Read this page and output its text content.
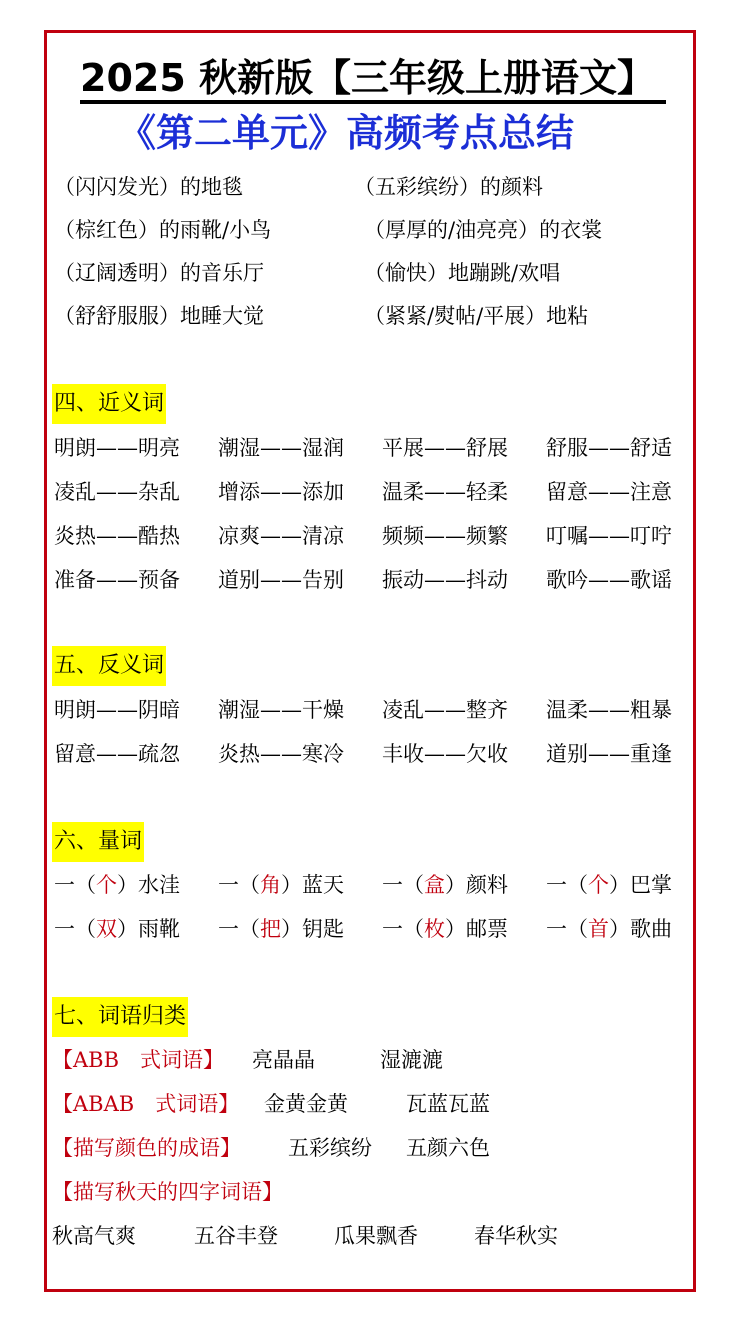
2025 秋新版【三年级上册语文】
《第二单元》高频考点总结
（闪闪发光）的地毯	（五彩缤纷）的颜料
（棕红色）的雨靴/小鸟	（厚厚的/油亮亮）的衣裳
（辽阔透明）的音乐厅	（愉快）地蹦跳/欢唱
（舒舒服服）地睡大觉	（紧紧/熨帖/平展）地粘
四、近义词
明朗——明亮 潮湿——湿润 平展——舒展 舒服——舒适
凌乱——杂乱 增添——添加 温柔——轻柔 留意——注意
炎热——酷热 凉爽——清凉 频频——频繁 叮嘱——叮咛
准备——预备 道别——告别 振动——抖动 歌吟——歌谣
五、反义词
明朗——阴暗 潮湿——干燥 凌乱——整齐 温柔——粗暴
留意——疏忽 炎热——寒冷 丰收——欠收 道别——重逢
六、量词
一（个）水洼 一（角）蓝天 一（盒）颜料 一（个）巴掌
一（双）雨靴 一（把）钥匙 一（枚）邮票 一（首）歌曲
七、词语归类
【ABB　式词语】 亮晶晶	湿漉漉
【ABAB　式词语】 金黄金黄	瓦蓝瓦蓝
【描写颜色的成语】 五彩缤纷 五颜六色
【描写秋天的四字词语】
秋高气爽	五谷丰登	瓜果飘香	春华秋实
